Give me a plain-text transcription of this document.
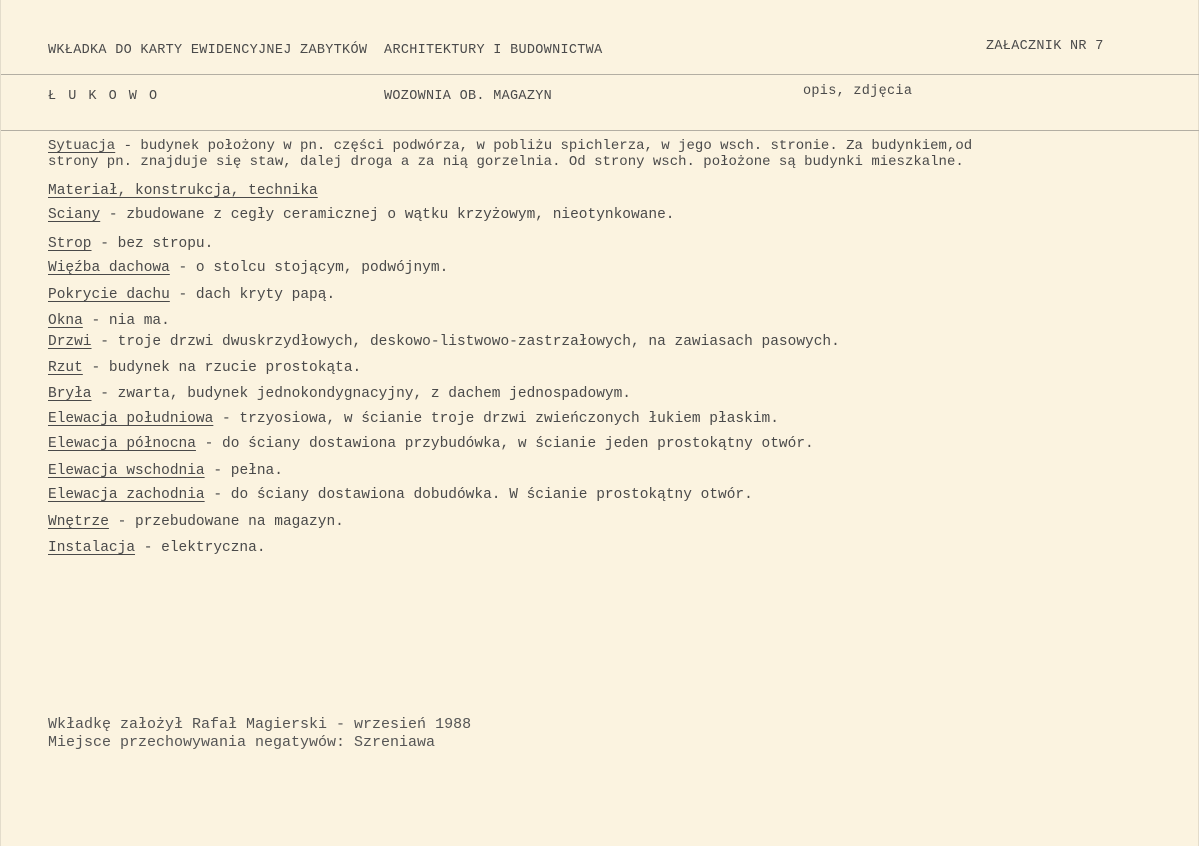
WKŁADKA DO KARTY EWIDENCYJNEJ ZABYTKÓW  ARCHITEKTURY I BUDOWNICTWA	ZAŁACZNIK NR 7
Ł U K O W O	WOZOWNIA OB. MAGAZYN	opis, zdjęcia
Sytuacja - budynek położony w pn. części podwórza, w pobliżu spichlerza, w jego wsch. stronie. Za budynkiem,od
strony pn. znajduje się staw, dalej droga a za nią gorzelnia. Od strony wsch. położone są budynki mieszkalne.
Materiał, konstrukcja, technika
Sciany - zbudowane z cegły ceramicznej o wątku krzyżowym, nieotynkowane.
Strop - bez stropu.
Więźba dachowa - o stolcu stojącym, podwójnym.
Pokrycie dachu - dach kryty papą.
Okna - nia ma.
Drzwi - troje drzwi dwuskrzydłowych, deskowo-listwowo-zastrzałowych, na zawiasach pasowych.
Rzut - budynek na rzucie prostokąta.
Bryła - zwarta, budynek jednokondygnacyjny, z dachem jednospadowym.
Elewacja południowa - trzyosiowa, w ścianie troje drzwi zwieńczonych łukiem płaskim.
Elewacja północna - do ściany dostawiona przybudówka, w ścianie jeden prostokątny otwór.
Elewacja wschodnia - pełna.
Elewacja zachodnia - do ściany dostawiona dobudówka. W ścianie prostokątny otwór.
Wnętrze - przebudowane na magazyn.
Instalacja - elektryczna.
Wkładkę założył Rafał Magierski - wrzesień 1988
Miejsce przechowywania negatywów: Szreniawa
